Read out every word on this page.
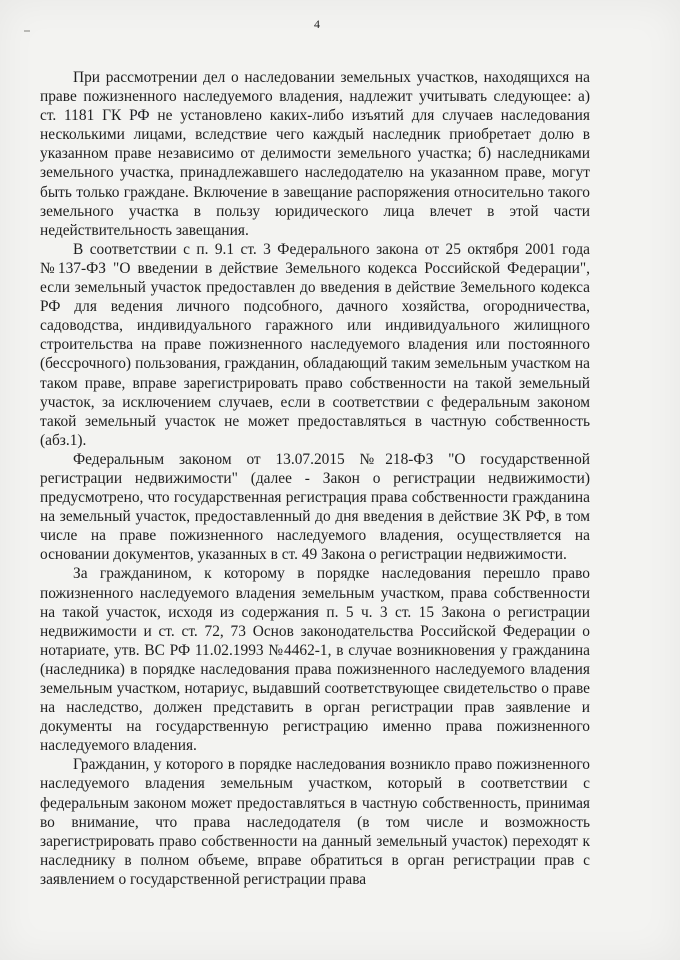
4

При рассмотрении дел о наследовании земельных участков, находящихся на праве пожизненного наследуемого владения, надлежит учитывать следующее: а) ст. 1181 ГК РФ не установлено каких-либо изъятий для случаев наследования несколькими лицами, вследствие чего каждый наследник приобретает долю в указанном праве независимо от делимости земельного участка; б) наследниками земельного участка, принадлежавшего наследодателю на указанном праве, могут быть только граждане. Включение в завещание распоряжения относительно такого земельного участка в пользу юридического лица влечет в этой части недействительность завещания.

В соответствии с п. 9.1 ст. 3 Федерального закона от 25 октября 2001 года №137-ФЗ "О введении в действие Земельного кодекса Российской Федерации", если земельный участок предоставлен до введения в действие Земельного кодекса РФ для ведения личного подсобного, дачного хозяйства, огородничества, садоводства, индивидуального гаражного или индивидуального жилищного строительства на праве пожизненного наследуемого владения или постоянного (бессрочного) пользования, гражданин, обладающий таким земельным участком на таком праве, вправе зарегистрировать право собственности на такой земельный участок, за исключением случаев, если в соответствии с федеральным законом такой земельный участок не может предоставляться в частную собственность (абз.1).

Федеральным законом от 13.07.2015 №218-ФЗ "О государственной регистрации недвижимости" (далее - Закон о регистрации недвижимости) предусмотрено, что государственная регистрация права собственности гражданина на земельный участок, предоставленный до дня введения в действие ЗК РФ, в том числе на праве пожизненного наследуемого владения, осуществляется на основании документов, указанных в ст. 49 Закона о регистрации недвижимости.

За гражданином, к которому в порядке наследования перешло право пожизненного наследуемого владения земельным участком, права собственности на такой участок, исходя из содержания п. 5 ч. 3 ст. 15 Закона о регистрации недвижимости и ст. ст. 72, 73 Основ законодательства Российской Федерации о нотариате, утв. ВС РФ 11.02.1993 №4462-1, в случае возникновения у гражданина (наследника) в порядке наследования права пожизненного наследуемого владения земельным участком, нотариус, выдавший соответствующее свидетельство о праве на наследство, должен представить в орган регистрации прав заявление и документы на государственную регистрацию именно права пожизненного наследуемого владения.

Гражданин, у которого в порядке наследования возникло право пожизненного наследуемого владения земельным участком, который в соответствии с федеральным законом может предоставляться в частную собственность, принимая во внимание, что права наследодателя (в том числе и возможность зарегистрировать право собственности на данный земельный участок) переходят к наследнику в полном объеме, вправе обратиться в орган регистрации прав с заявлением о государственной регистрации права
